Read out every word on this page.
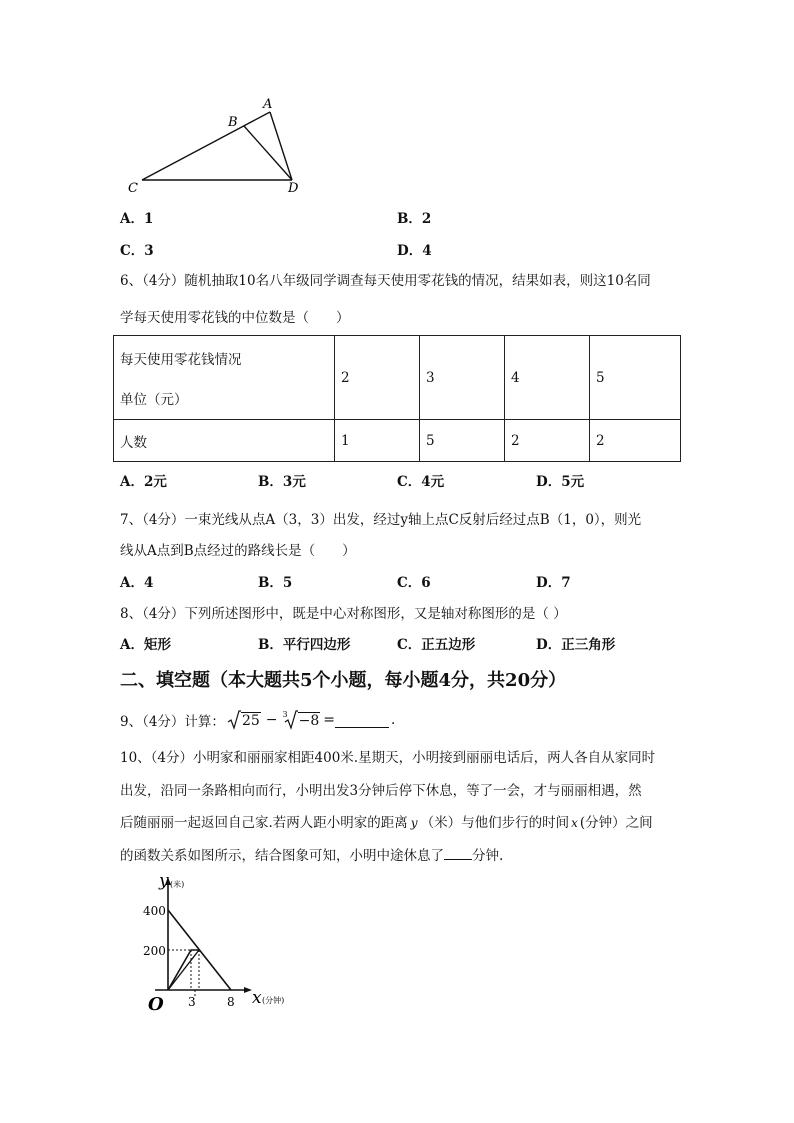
A
B
C	D
A．1	B．2
C．3	D．4
6、（4分）随机抽取10名八年级同学调查每天使用零花钱的情况，结果如表，则这10名同
学每天使用零花钱的中位数是（　　）
每天使用零花钱情况
单位（元）	2	3	4	5
人数	1	5	2	2
A．2元	B．3元	C．4元	D．5元
7、（4分）一束光线从点A（3，3）出发，经过y轴上点C反射后经过点B（1，0），则光
线从A点到B点经过的路线长是（　　）
A．4	B．5	C．6	D．7
8、（4分）下列所述图形中，既是中心对称图形，又是轴对称图形的是（ ）
A．矩形	B．平行四边形	C．正五边形	D．正三角形
二、填空题（本大题共5个小题，每小题4分，共20分）
9、（4分）计算： 25 − 3 −8 =	.
10、（4分）小明家和丽丽家相距400米.星期天，小明接到丽丽电话后，两人各自从家同时
出发，沿同一条路相向而行，小明出发3分钟后停下休息，等了一会，才与丽丽相遇，然
后随丽丽一起返回自己家.若两人距小明家的距离 y （米）与他们步行的时间 x (分钟）之间
的函数关系如图所示，结合图象可知，小明中途休息了 分钟.
y (米)
400
200
O 3	8 x (分钟)
